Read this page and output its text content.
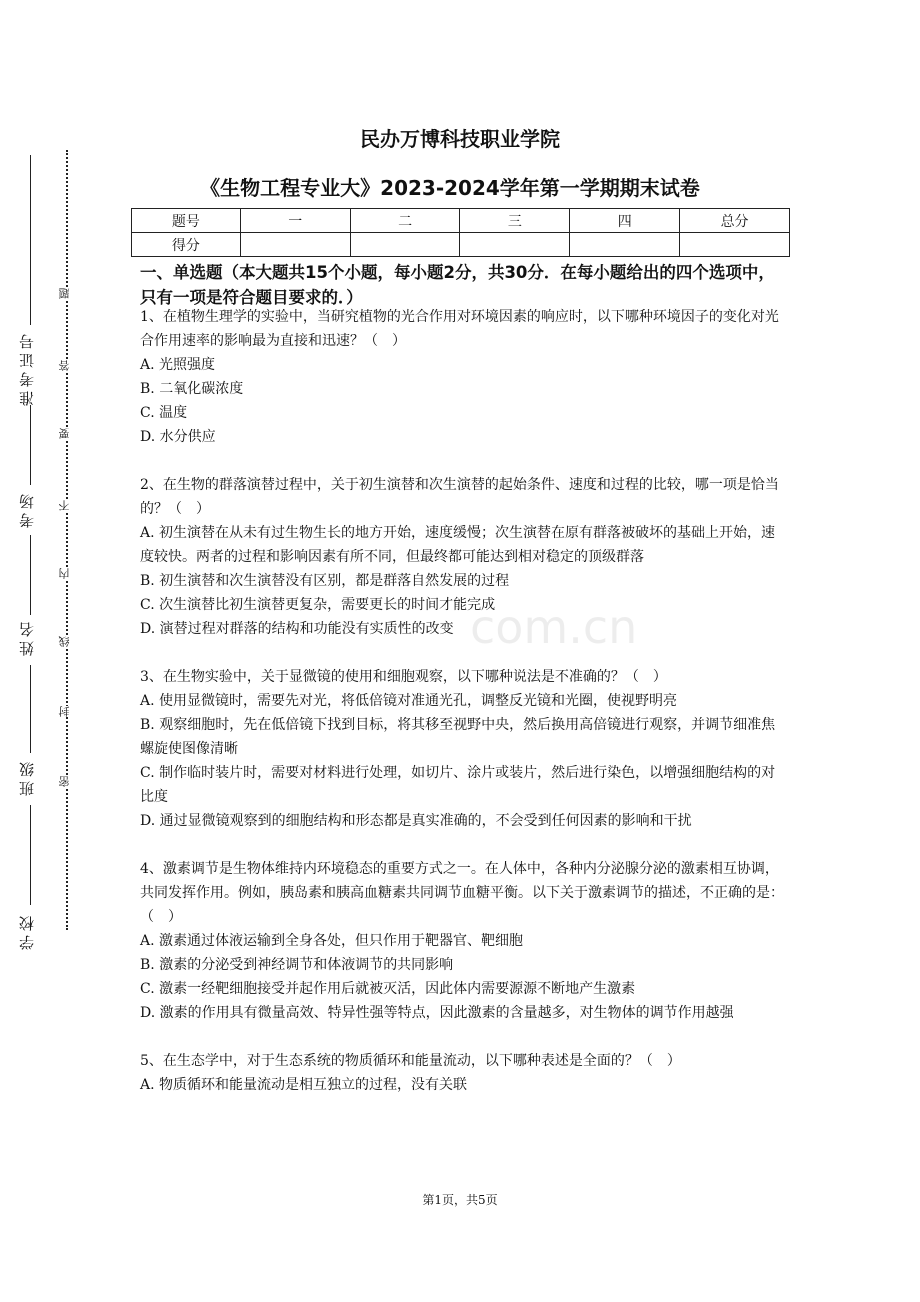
准考证号
考场
姓名
班级
学校
题
答
要
不
内
线
封
密
民办万博科技职业学院
《生物工程专业大》2023-2024学年第一学期期末试卷
题号	一	二	三	四	总分
得分					
一、单选题（本大题共15个小题，每小题2分，共30分．在每小题给出的四个选项中，只有一项是符合题目要求的．）

1、在植物生理学的实验中，当研究植物的光合作用对环境因素的响应时，以下哪种环境因子的变化对光合作用速率的影响最为直接和迅速？（　）

A. 光照强度

B. 二氧化碳浓度

C. 温度

D. 水分供应

2、在生物的群落演替过程中，关于初生演替和次生演替的起始条件、速度和过程的比较，哪一项是恰当的？（　）

A. 初生演替在从未有过生物生长的地方开始，速度缓慢；次生演替在原有群落被破坏的基础上开始，速度较快。两者的过程和影响因素有所不同，但最终都可能达到相对稳定的顶级群落

B. 初生演替和次生演替没有区别，都是群落自然发展的过程

C. 次生演替比初生演替更复杂，需要更长的时间才能完成

D. 演替过程对群落的结构和功能没有实质性的改变

3、在生物实验中，关于显微镜的使用和细胞观察，以下哪种说法是不准确的？（　）

A. 使用显微镜时，需要先对光，将低倍镜对准通光孔，调整反光镜和光圈，使视野明亮

B. 观察细胞时，先在低倍镜下找到目标，将其移至视野中央，然后换用高倍镜进行观察，并调节细准焦螺旋使图像清晰

C. 制作临时装片时，需要对材料进行处理，如切片、涂片或装片，然后进行染色，以增强细胞结构的对比度

D. 通过显微镜观察到的细胞结构和形态都是真实准确的，不会受到任何因素的影响和干扰

4、激素调节是生物体维持内环境稳态的重要方式之一。在人体中，各种内分泌腺分泌的激素相互协调，共同发挥作用。例如，胰岛素和胰高血糖素共同调节血糖平衡。以下关于激素调节的描述，不正确的是：（　）

A. 激素通过体液运输到全身各处，但只作用于靶器官、靶细胞

B. 激素的分泌受到神经调节和体液调节的共同影响

C. 激素一经靶细胞接受并起作用后就被灭活，因此体内需要源源不断地产生激素

D. 激素的作用具有微量高效、特异性强等特点，因此激素的含量越多，对生物体的调节作用越强

5、在生态学中，对于生态系统的物质循环和能量流动，以下哪种表述是全面的？（　）

A. 物质循环和能量流动是相互独立的过程，没有关联

com.cn
第1页，共5页
